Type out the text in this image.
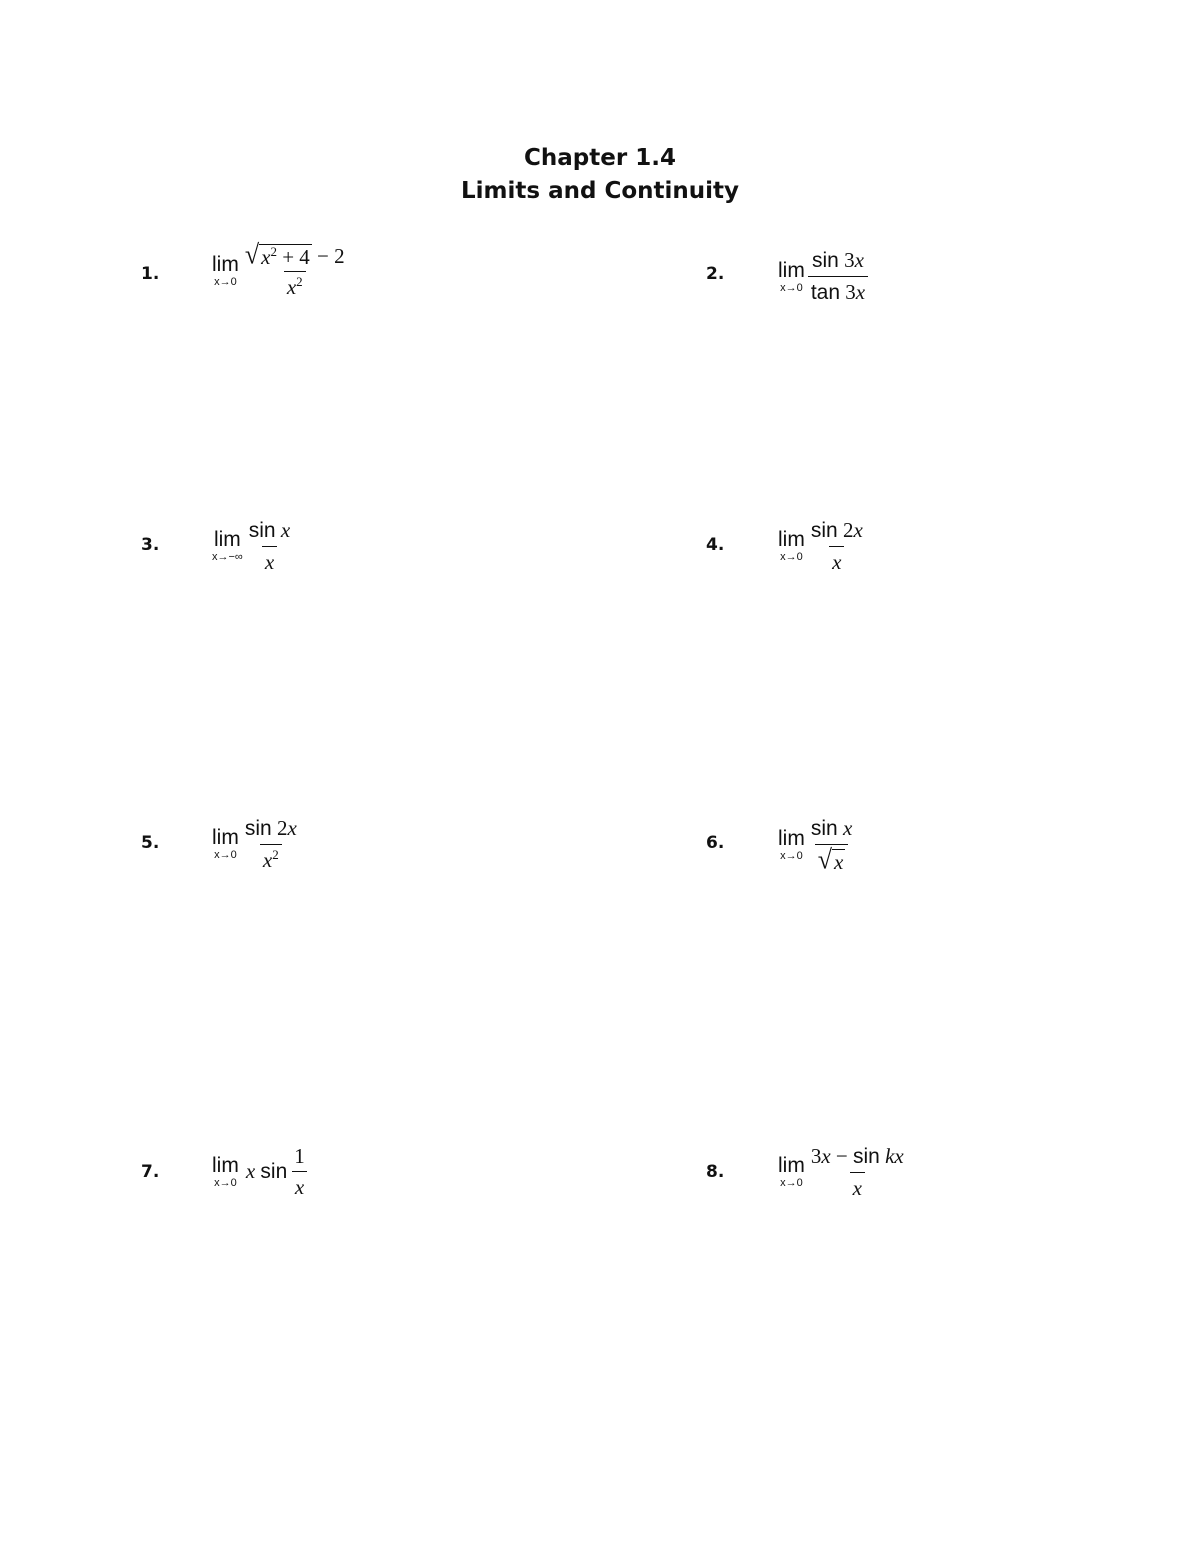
Chapter 1.4
Limits and Continuity
1.	lim
$x\to 0 \frac{√ x^2 + 4 - 2}{x^2}$	2.	lim
$x\to 0 \frac{\sin 3x}{\tan 3x}$
3.	lim
$x\to-\infty \frac{\text{sin x}}{x}$	4.	lim
$x\to 0 \frac{\sin 2x}{x}$
5.	lim
$x\to 0 \frac{\sin 2x}{x^2}$	6.	lim
$x\to 0 \frac{\text{sin x}}{√ x}$
7.	lim
x→0 x $\sin \frac{1}{x}$	8.	lim
$x\to 0 \frac{\text{3x − sin kx}}{x}$
